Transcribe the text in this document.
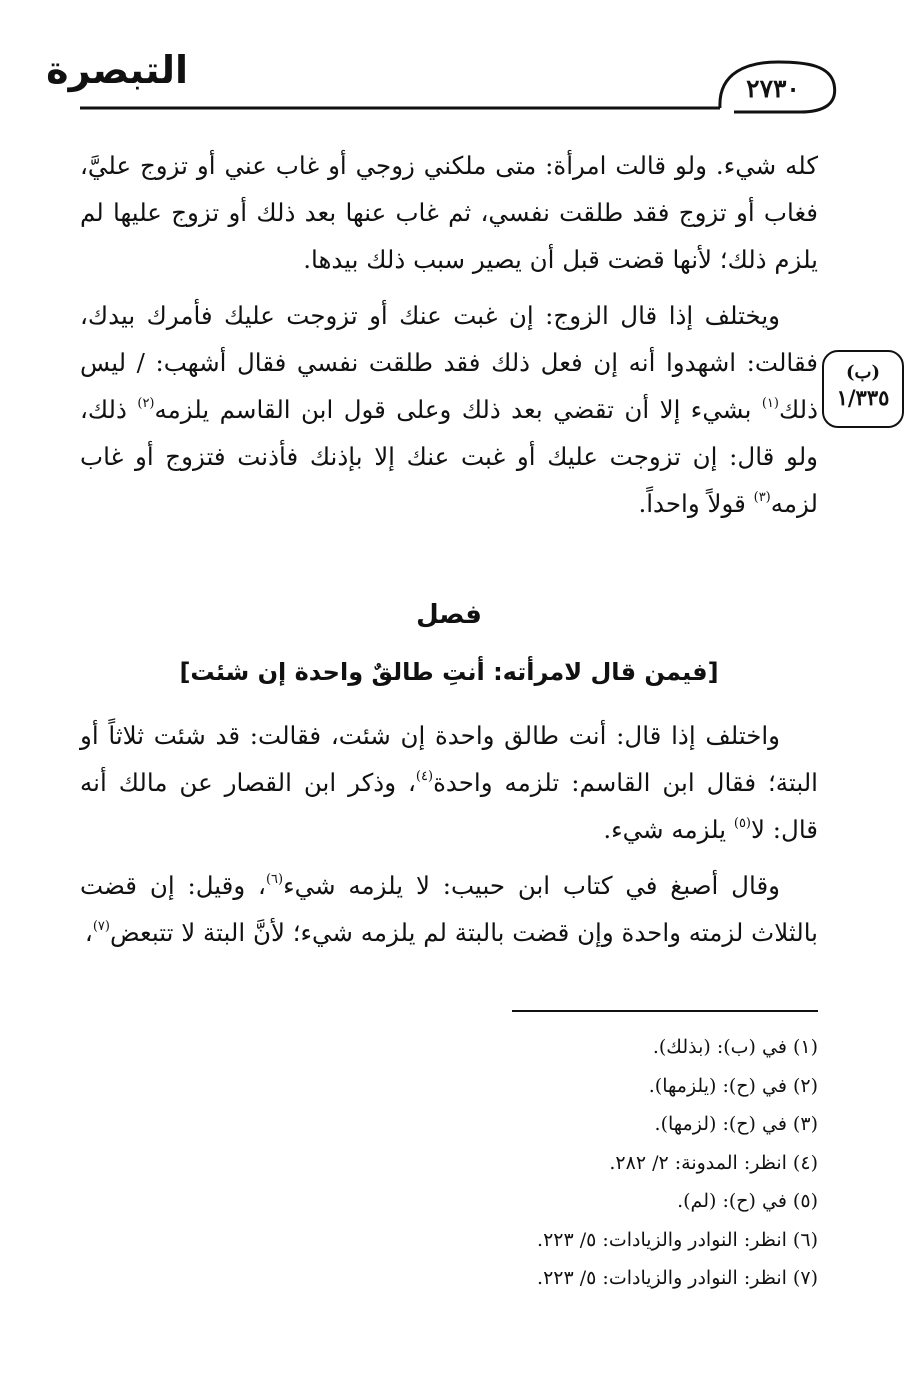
التبصرة	٢٧٣٠
(ب)
١/٣٣٥

كله شيء. ولو قالت امرأة: متى ملكني زوجي أو غاب عني أو تزوج عليَّ، فغاب أو تزوج فقد طلقت نفسي، ثم غاب عنها بعد ذلك أو تزوج عليها لم يلزم ذلك؛ لأنها قضت قبل أن يصير سبب ذلك بيدها.

ويختلف إذا قال الزوج: إن غبت عنك أو تزوجت عليك فأمرك بيدك، فقالت: اشهدوا أنه إن فعل ذلك فقد طلقت نفسي فقال أشهب: / ليس ذلك$^{(١)}$ بشيء إلا أن تقضي بعد ذلك وعلى قول ابن القاسم يلزمه$^{(٢)}$ ذلك، ولو قال: إن تزوجت عليك أو غبت عنك إلا بإذنك فأذنت فتزوج أو غاب لزمه$^{(٣)}$ قولاً واحداً.

فصل
[فيمن قال لامرأته: أنتِ طالقٌ واحدة إن شئت]

واختلف إذا قال: أنت طالق واحدة إن شئت، فقالت: قد شئت ثلاثاً أو البتة؛ فقال ابن القاسم: تلزمه واحدة$^{(٤)}$، وذكر ابن القصار عن مالك أنه قال: لا$^{(٥)}$ يلزمه شيء.

وقال أصبغ في كتاب ابن حبيب: لا يلزمه شيء$^{(٦)}$، وقيل: إن قضت بالثلاث لزمته واحدة وإن قضت بالبتة لم يلزمه شيء؛ لأنَّ البتة لا تتبعض$^{(٧)}$،

(١) في (ب): (بذلك).
(٢) في (ح): (يلزمها).
(٣) في (ح): (لزمها).
(٤) انظر: المدونة: ٢/ ٢٨٢.
(٥) في (ح): (لم).
(٦) انظر: النوادر والزيادات: ٥/ ٢٢٣.
(٧) انظر: النوادر والزيادات: ٥/ ٢٢٣.
